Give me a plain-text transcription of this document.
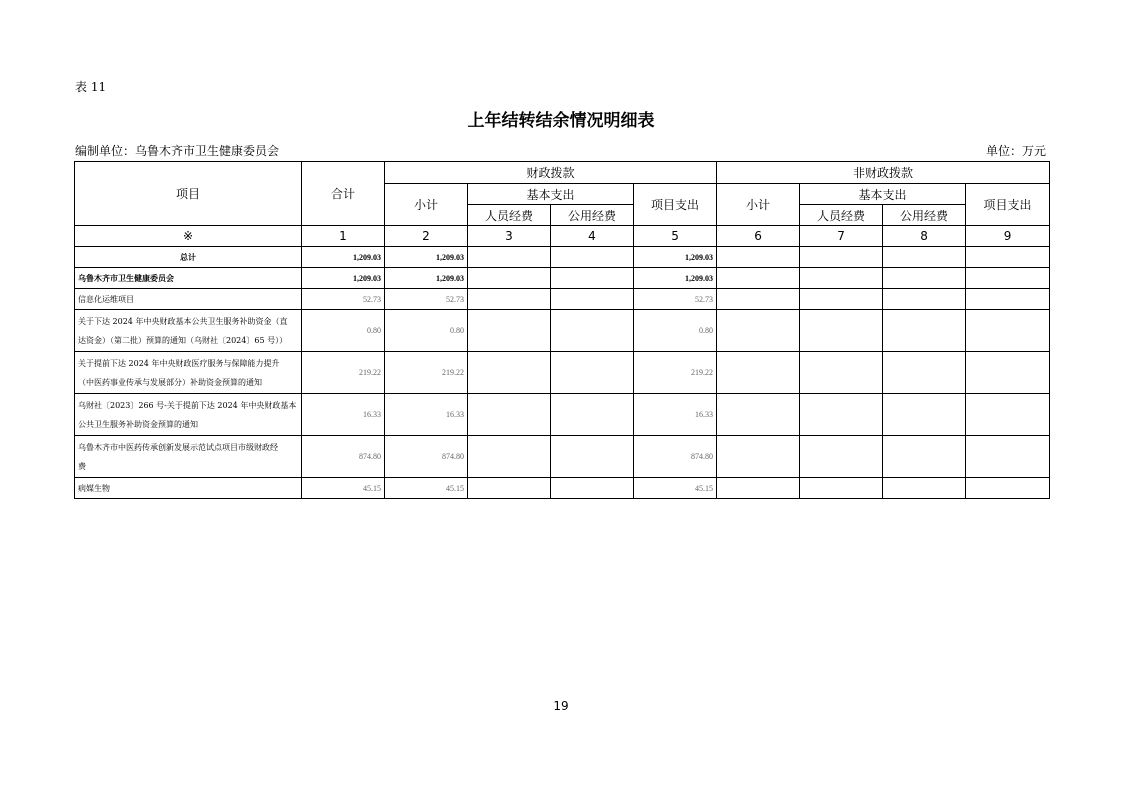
表 11
上年结转结余情况明细表
编制单位：乌鲁木齐市卫生健康委员会	单位：万元
项目	合计	财政拨款				非财政拨款			
		小计	基本支出		项目支出	小计	基本支出		项目支出
			人员经费	公用经费			人员经费	公用经费	
※	1	2	3	4	5	6	7	8	9
总计	1,209.03	1,209.03			1,209.03				
乌鲁木齐市卫生健康委员会	1,209.03	1,209.03			1,209.03				
信息化运维项目	52.73	52.73			52.73				
关于下达 2024 年中央财政基本公共卫生服务补助资金（直
达资金）（第二批）预算的通知（乌财社〔2024〕65 号））	0.80	0.80			0.80				
关于提前下达 2024 年中央财政医疗服务与保障能力提升
（中医药事业传承与发展部分）补助资金预算的通知	219.22	219.22			219.22				
乌财社〔2023〕266 号-关于提前下达 2024 年中央财政基本
公共卫生服务补助资金预算的通知	16.33	16.33			16.33				
乌鲁木齐市中医药传承创新发展示范试点项目市级财政经
费	874.80	874.80			874.80				
病媒生物	45.15	45.15			45.15				
19
